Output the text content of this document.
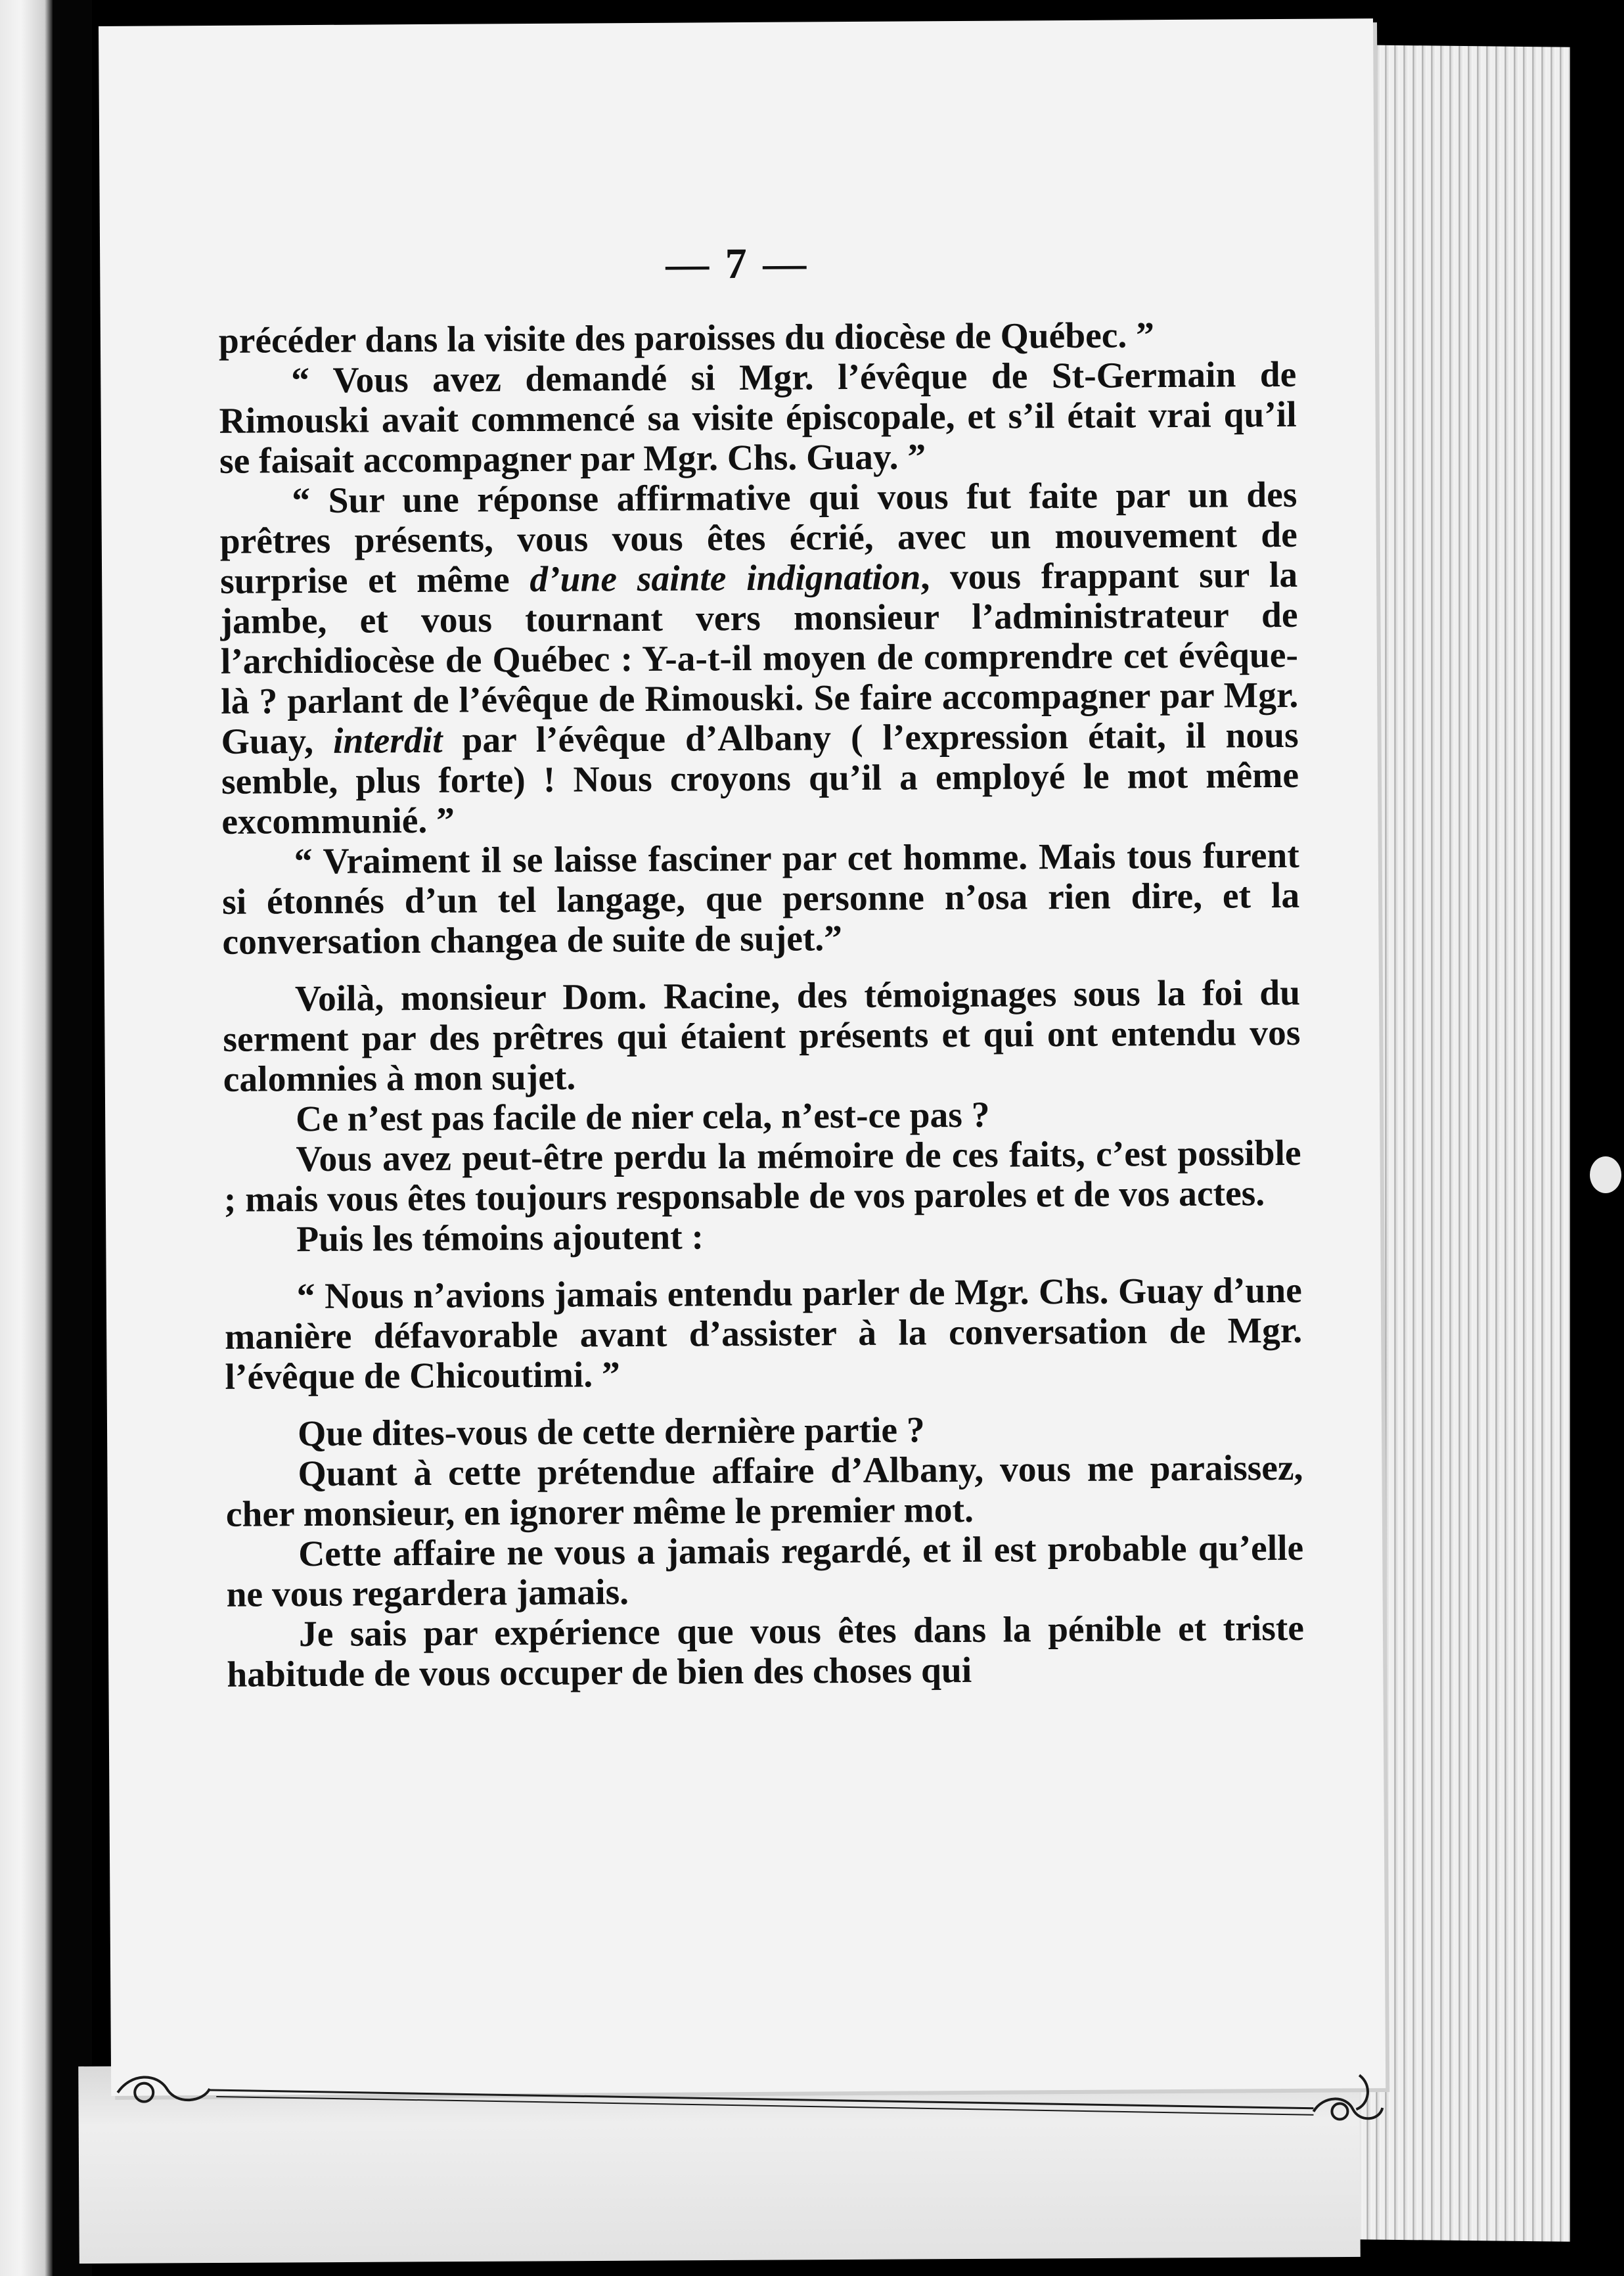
— 7 —

précéder dans la visite des paroisses du diocèse de Québec. ”

“ Vous avez demandé si Mgr. l’évêque de St-Germain de Rimouski avait commencé sa visite épiscopale, et s’il était vrai qu’il se faisait accompagner par Mgr. Chs. Guay. ”

“ Sur une réponse affirmative qui vous fut faite par un des prêtres présents, vous vous êtes écrié, avec un mouvement de surprise et même d’une sainte indignation, vous frappant sur la jambe, et vous tournant vers monsieur l’administrateur de l’archidiocèse de Québec : Y-a-t-il moyen de comprendre cet évêque-là ? parlant de l’évêque de Rimouski. Se faire accompagner par Mgr. Guay, interdit par l’évêque d’Albany ( l’expression était, il nous semble, plus forte) ! Nous croyons qu’il a employé le mot même excommunié. ”

“ Vraiment il se laisse fasciner par cet homme. Mais tous furent si étonnés d’un tel langage, que personne n’osa rien dire, et la conversation changea de suite de sujet.”

Voilà, monsieur Dom. Racine, des témoignages sous la foi du serment par des prêtres qui étaient présents et qui ont entendu vos calomnies à mon sujet.

Ce n’est pas facile de nier cela, n’est-ce pas ?

Vous avez peut-être perdu la mémoire de ces faits, c’est possible ; mais vous êtes toujours responsable de vos paroles et de vos actes.

Puis les témoins ajoutent :

“ Nous n’avions jamais entendu parler de Mgr. Chs. Guay d’une manière défavorable avant d’assister à la conversation de Mgr. l’évêque de Chicoutimi. ”

Que dites-vous de cette dernière partie ?

Quant à cette prétendue affaire d’Albany, vous me paraissez, cher monsieur, en ignorer même le premier mot.

Cette affaire ne vous a jamais regardé, et il est probable qu’elle ne vous regardera jamais.

Je sais par expérience que vous êtes dans la pénible et triste habitude de vous occuper de bien des choses qui
